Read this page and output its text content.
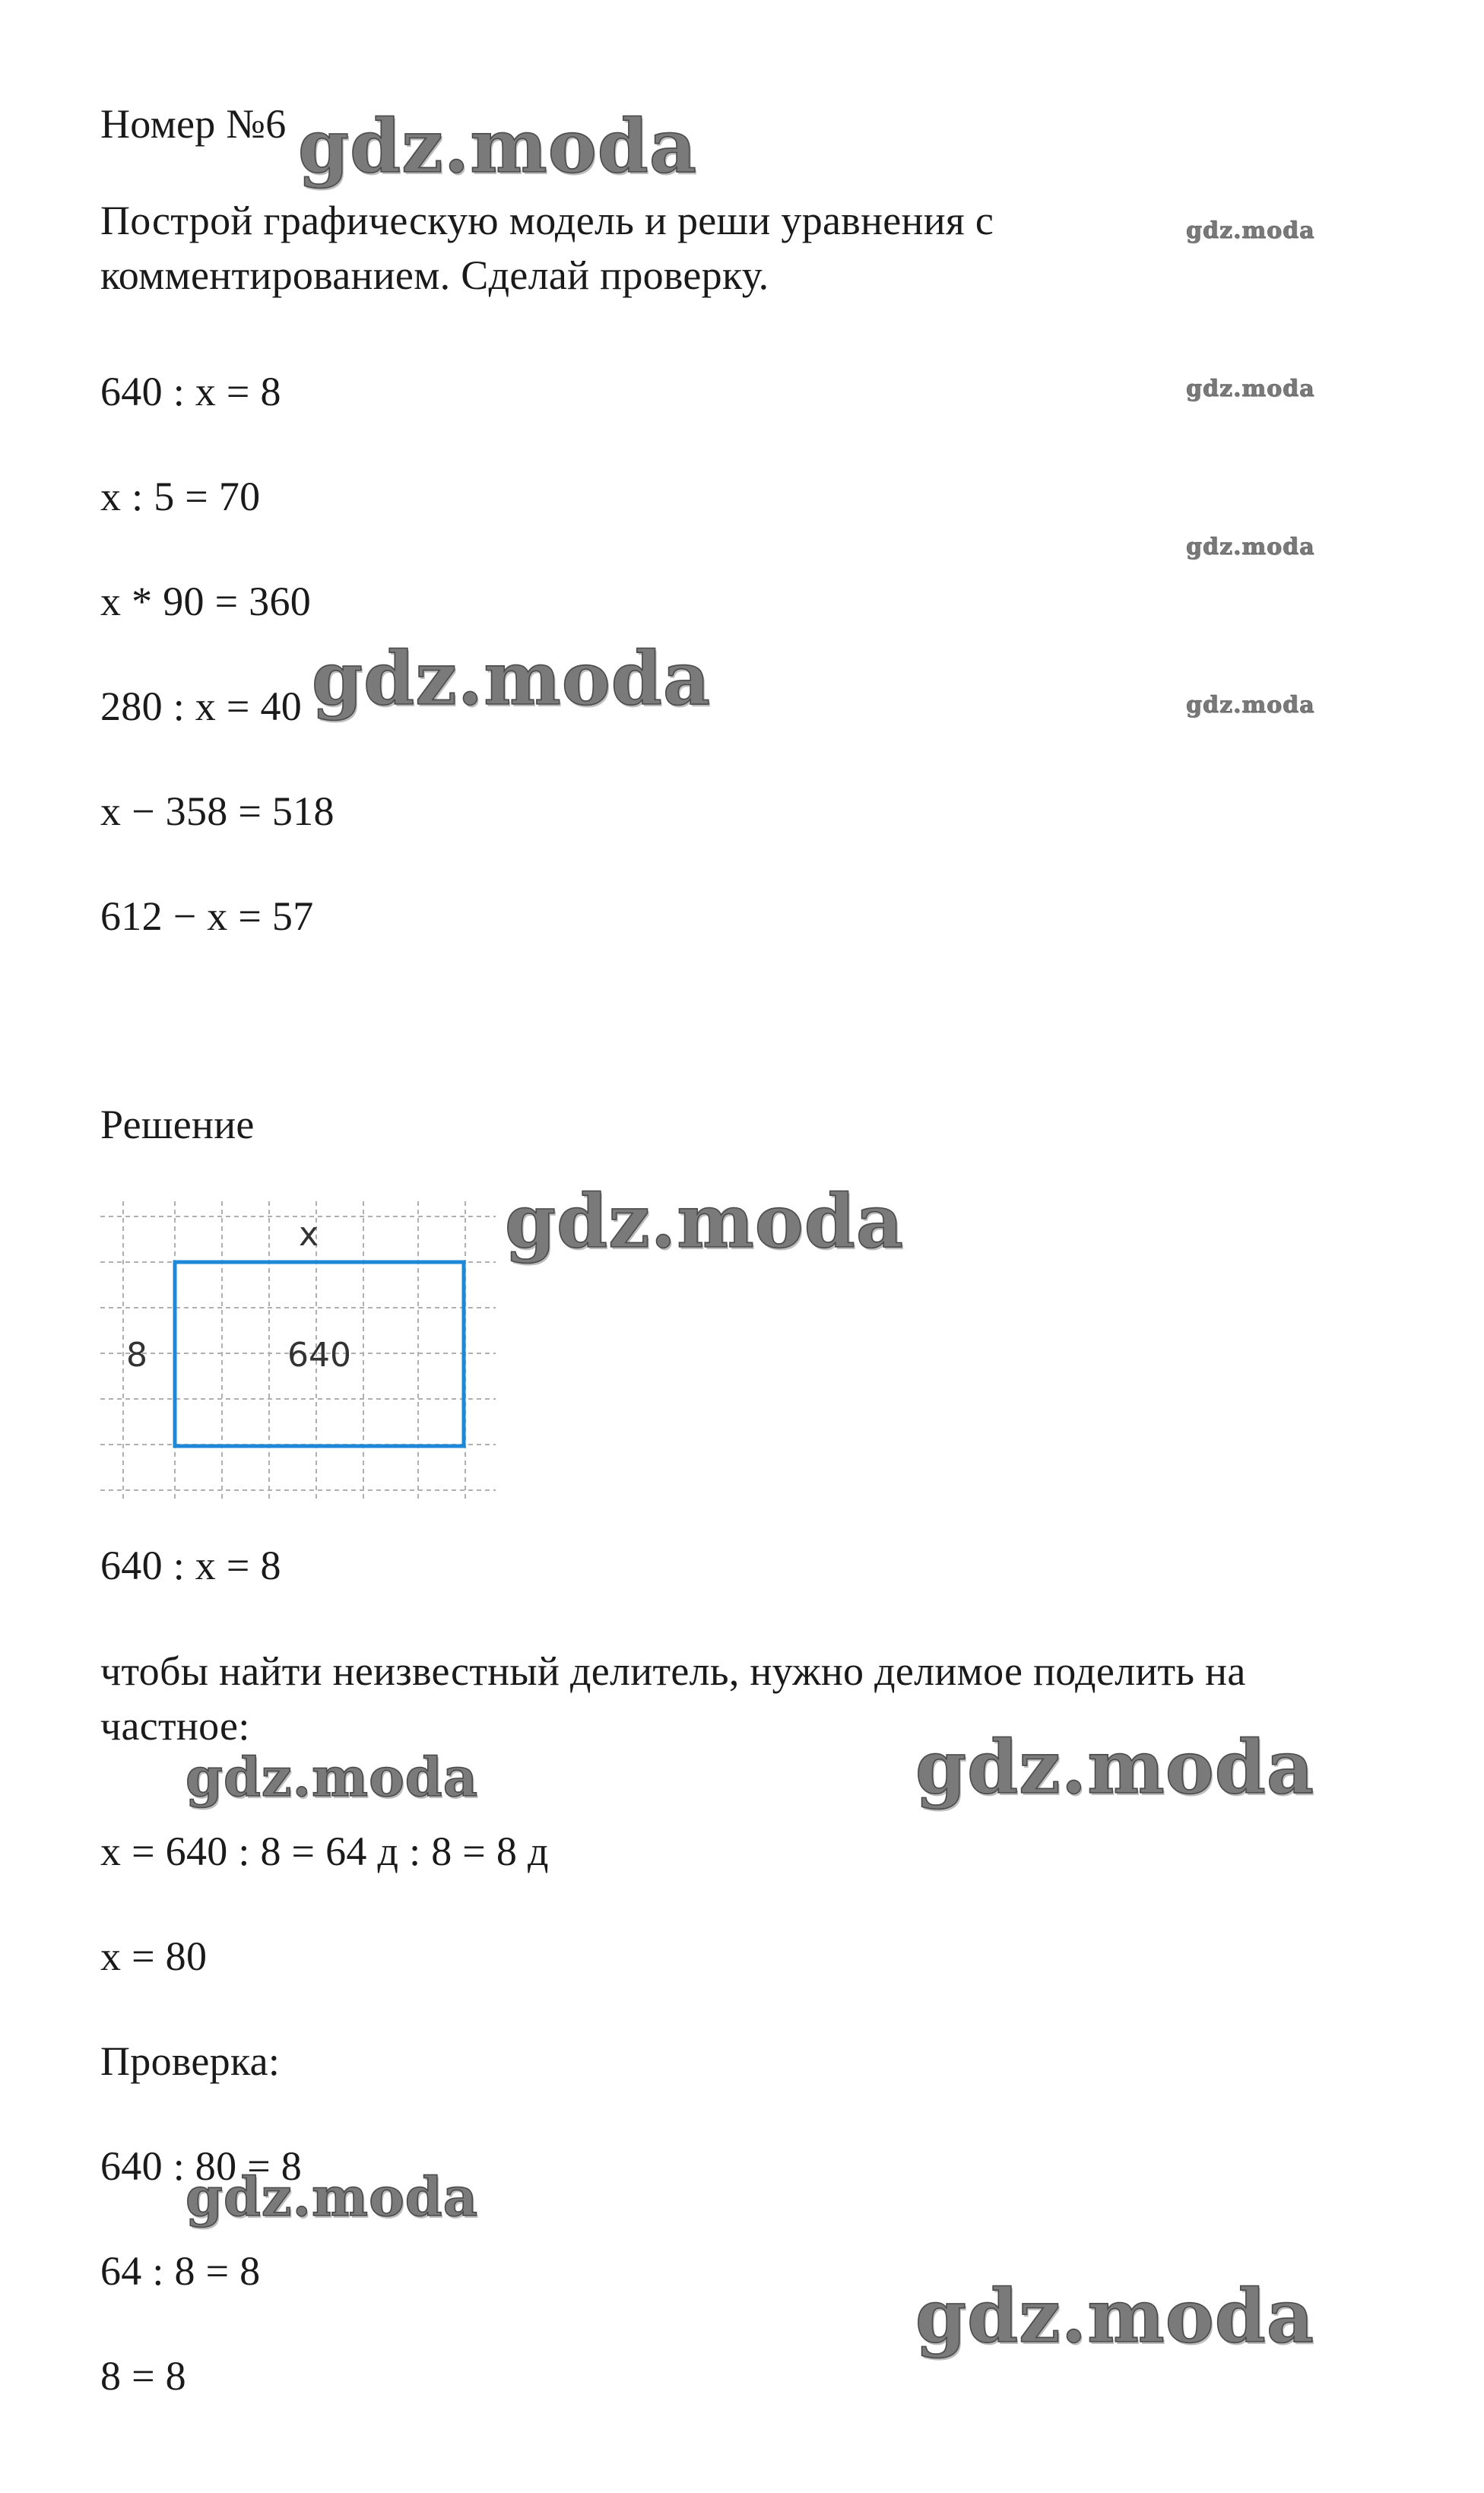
Номер №6

Построй графическую модель и реши уравнения с комментированием. Сделай проверку.

640 : x = 8

x : 5 = 70

x * 90 = 360

280 : x = 40

x − 358 = 518

612 − x = 57

Решение

x
8	640

640 : x = 8

чтобы найти неизвестный делитель, нужно делимое поделить на частное:

x = 640 : 8 = 64 д : 8 = 8 д

x = 80

Проверка:

640 : 80 = 8

64 : 8 = 8

8 = 8

gdz.moda
gdz.moda
gdz.moda
gdz.moda
gdz.moda	gdz.moda
gdz.moda
gdz.moda	gdz.moda
gdz.moda
gdz.moda
